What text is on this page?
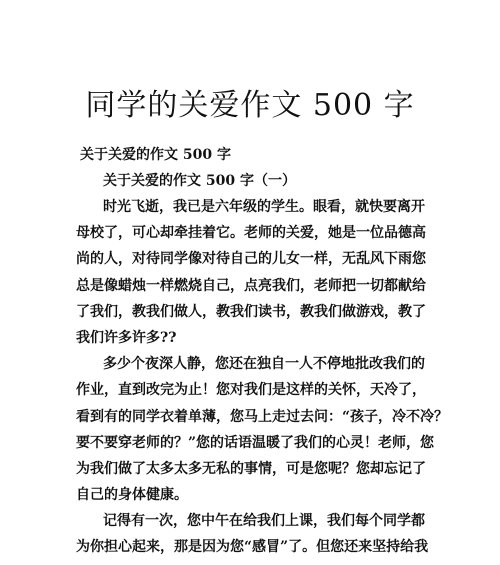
同学的关爱作文 500 字
关于关爱的作文 500 字
关于关爱的作文 500 字（一）
时光飞逝，我已是六年级的学生。眼看，就快要离开
母校了，可心却牵挂着它。老师的关爱，她是一位品德高
尚的人，对待同学像对待自己的儿女一样，无乱风下雨您
总是像蜡烛一样燃烧自己，点亮我们，老师把一切都献给
了我们，教我们做人，教我们读书，教我们做游戏，教了
我们许多许多??
多少个夜深人静，您还在独自一人不停地批改我们的
作业，直到改完为止！您对我们是这样的关怀，天冷了，
看到有的同学衣着单薄，您马上走过去问：“孩子，冷不冷？
要不要穿老师的？”您的话语温暖了我们的心灵！老师，您
为我们做了太多太多无私的事情，可是您呢？您却忘记了
自己的身体健康。
记得有一次，您中午在给我们上课，我们每个同学都
为你担心起来，那是因为您“感冒”了。但您还来坚持给我
